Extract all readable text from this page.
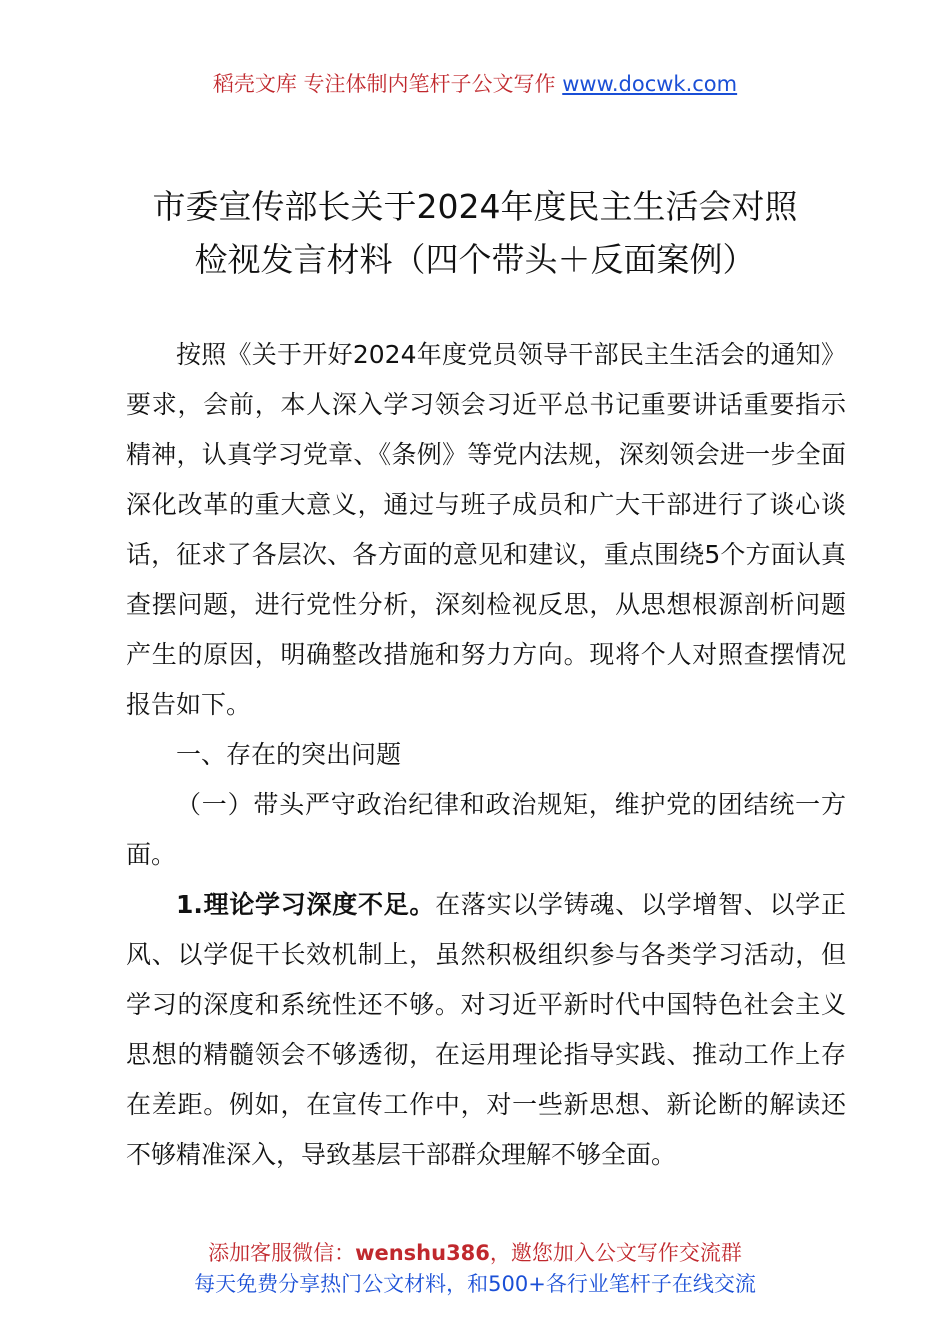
稻壳文库 专注体制内笔杆子公文写作 www.docwk.com
市委宣传部长关于2024年度民主生活会对照
检视发言材料（四个带头＋反面案例）

按照《关于开好2024年度党员领导干部民主生活会的通知》要求，会前，本人深入学习领会习近平总书记重要讲话重要指示精神，认真学习党章、《条例》等党内法规，深刻领会进一步全面深化改革的重大意义，通过与班子成员和广大干部进行了谈心谈话，征求了各层次、各方面的意见和建议，重点围绕5个方面认真查摆问题，进行党性分析，深刻检视反思，从思想根源剖析问题产生的原因，明确整改措施和努力方向。现将个人对照查摆情况报告如下。

一、存在的突出问题

（一）带头严守政治纪律和政治规矩，维护党的团结统一方面。

1.理论学习深度不足。在落实以学铸魂、以学增智、以学正风、以学促干长效机制上，虽然积极组织参与各类学习活动，但学习的深度和系统性还不够。对习近平新时代中国特色社会主义思想的精髓领会不够透彻，在运用理论指导实践、推动工作上存在差距。例如，在宣传工作中，对一些新思想、新论断的解读还不够精准深入，导致基层干部群众理解不够全面。

添加客服微信：wenshu386，邀您加入公文写作交流群
每天免费分享热门公文材料，和500+各行业笔杆子在线交流
